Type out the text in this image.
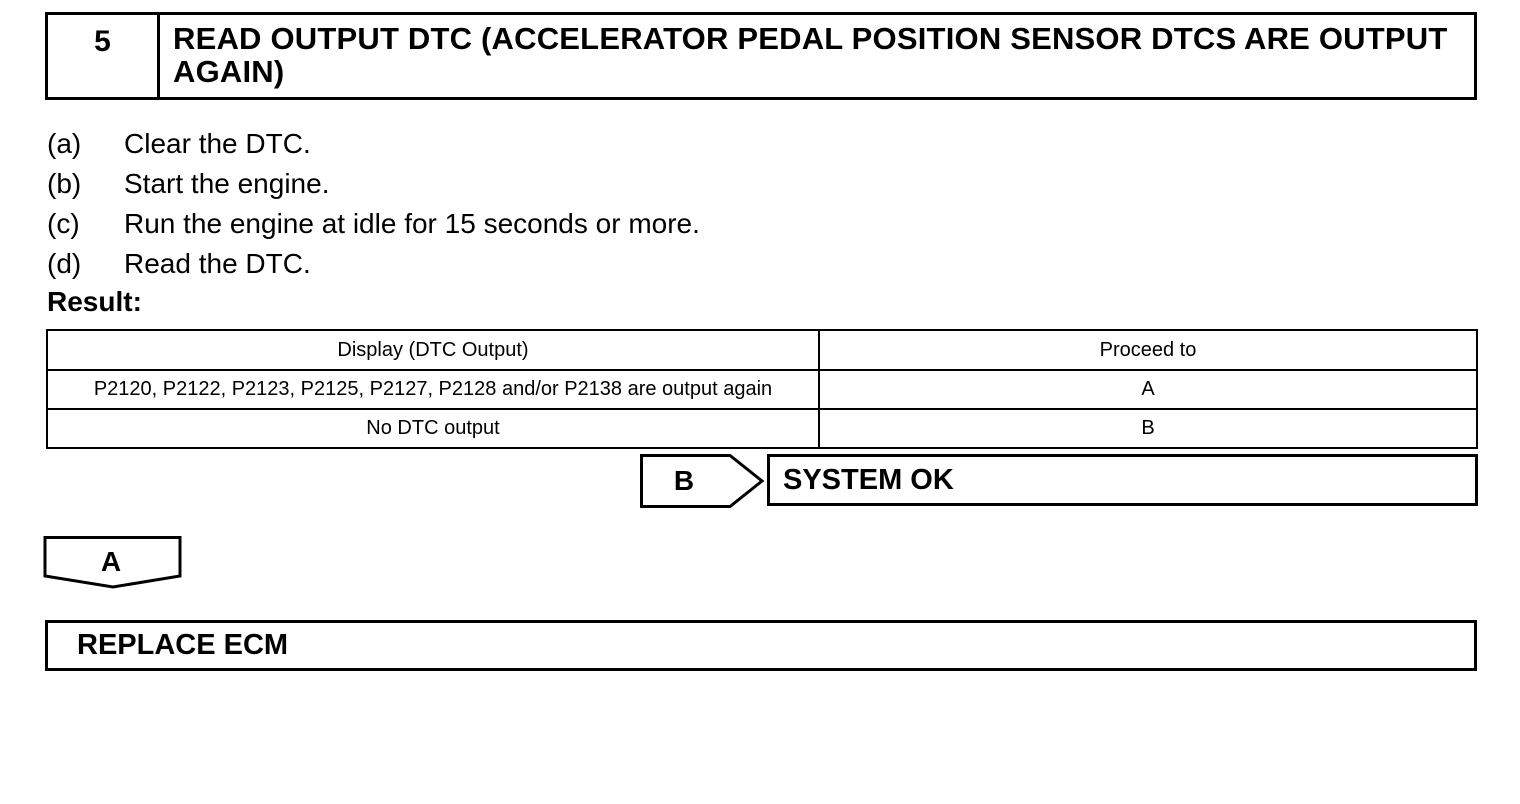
5	READ OUTPUT DTC (ACCELERATOR PEDAL POSITION SENSOR DTCS ARE OUTPUT AGAIN)
(a)	Clear the DTC.
(b)	Start the engine.
(c)	Run the engine at idle for 15 seconds or more.
(d)	Read the DTC.
Result:
Display (DTC Output)	Proceed to
P2120, P2122, P2123, P2125, P2127, P2128 and/or P2138 are output again	A
No DTC output	B
B	SYSTEM OK
A
REPLACE ECM
